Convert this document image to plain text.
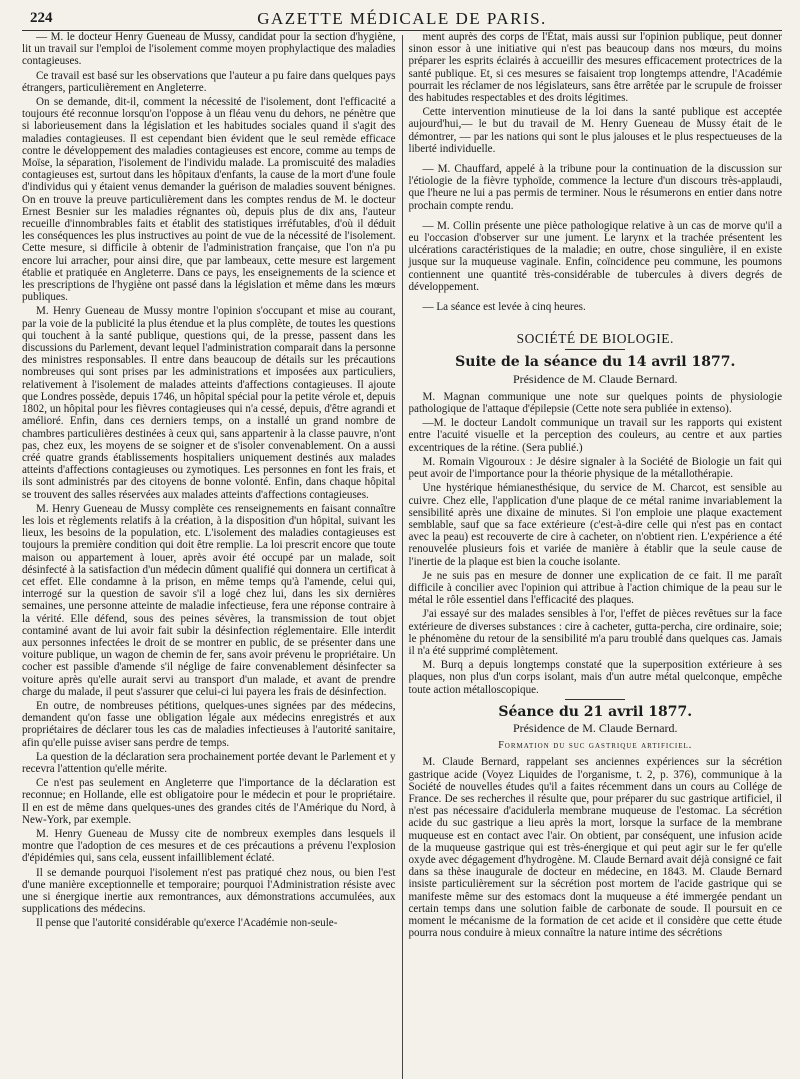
224	GAZETTE MÉDICALE DE PARIS.

— M. le docteur Henry Gueneau de Mussy, candidat pour la section d'hygiène, lit un travail sur l'emploi de l'isolement comme moyen prophylactique des maladies contagieuses.

Ce travail est basé sur les observations que l'auteur a pu faire dans quelques pays étrangers, particulièrement en Angleterre.

On se demande, dit-il, comment la nécessité de l'isolement, dont l'efficacité a toujours été reconnue lorsqu'on l'oppose à un fléau venu du dehors, ne pénètre que si laborieusement dans la législation et les habitudes sociales quand il s'agit des maladies contagieuses. Il est cependant bien évident que le seul remède efficace contre le développement des maladies contagieuses est encore, comme au temps de Moïse, la séparation, l'isolement de l'individu malade. La promiscuité des maladies contagieuses est, surtout dans les hôpitaux d'enfants, la cause de la mort d'une foule d'individus qui y étaient venus demander la guérison de maladies souvent bénignes. On en trouve la preuve particulièrement dans les comptes rendus de M. le docteur Ernest Besnier sur les maladies régnantes où, depuis plus de dix ans, l'auteur recueille d'innombrables faits et établit des statistiques irréfutables, d'où il déduit les conséquences les plus instructives au point de vue de la nécessité de l'isolement. Cette mesure, si difficile à obtenir de l'administration française, que l'on n'a pu encore lui arracher, pour ainsi dire, que par lambeaux, cette mesure est largement établie et pratiquée en Angleterre. Dans ce pays, les enseignements de la science et les prescriptions de l'hygiène ont passé dans la législation et même dans les mœurs publiques.

M. Henry Gueneau de Mussy montre l'opinion s'occupant et mise au courant, par la voie de la publicité la plus étendue et la plus complète, de toutes les questions qui touchent à la santé publique, questions qui, de la presse, passent dans les discussions du Parlement, devant lequel l'administration comparait dans la personne des ministres responsables. Il entre dans beaucoup de détails sur les précautions nombreuses qui sont prises par les administrations et imposées aux particuliers, relativement à l'isolement de malades atteints d'affections contagieuses. Il ajoute que Londres possède, depuis 1746, un hôpital spécial pour la petite vérole et, depuis 1802, un hôpital pour les fièvres contagieuses qui n'a cessé, depuis, d'être agrandi et amélioré. Enfin, dans ces derniers temps, on a installé un grand nombre de chambres particulières destinées à ceux qui, sans appartenir à la classe pauvre, n'ont pas, chez eux, les moyens de se soigner et de s'isoler convenablement. On a aussi créé quatre grands établissements hospitaliers uniquement destinés aux malades atteints d'affections contagieuses ou zymotiques. Les personnes en font les frais, et ils sont administrés par des citoyens de bonne volonté. Enfin, dans chaque hôpital se trouvent des salles réservées aux malades atteints d'affections contagieuses.

M. Henry Gueneau de Mussy complète ces renseignements en faisant connaître les lois et règlements relatifs à la création, à la disposition d'un hôpital, suivant les lieux, les besoins de la population, etc. L'isolement des maladies contagieuses est toujours la première condition qui doit être remplie. La loi prescrit encore que toute maison ou appartement à louer, après avoir été occupé par un malade, soit désinfecté à la satisfaction d'un médecin dûment qualifié qui donnera un certificat à cet effet. Elle condamne à la prison, en même temps qu'à l'amende, celui qui, interrogé sur la question de savoir s'il a logé chez lui, dans les six dernières semaines, une personne atteinte de maladie infectieuse, fera une réponse contraire à la vérité. Elle défend, sous des peines sévères, la transmission de tout objet contaminé avant de lui avoir fait subir la désinfection réglementaire. Elle interdit aux personnes infectées le droit de se montrer en public, de se présenter dans une voiture publique, un wagon de chemin de fer, sans avoir prévenu le propriétaire. Un cocher est passible d'amende s'il néglige de faire convenablement désinfecter sa voiture après qu'elle aurait servi au transport d'un malade, et avant de prendre charge du malade, il peut s'assurer que celui-ci lui payera les frais de désinfection.

En outre, de nombreuses pétitions, quelques-unes signées par des médecins, demandent qu'on fasse une obligation légale aux médecins enregistrés et aux propriétaires de déclarer tous les cas de maladies infectieuses à l'autorité sanitaire, afin qu'elle puisse aviser sans perdre de temps.

La question de la déclaration sera prochainement portée devant le Parlement et y recevra l'attention qu'elle mérite.

Ce n'est pas seulement en Angleterre que l'importance de la déclaration est reconnue; en Hollande, elle est obligatoire pour le médecin et pour le propriétaire. Il en est de même dans quelques-unes des grandes cités de l'Amérique du Nord, à New-York, par exemple.

M. Henry Gueneau de Mussy cite de nombreux exemples dans lesquels il montre que l'adoption de ces mesures et de ces précautions a prévenu l'explosion d'épidémies qui, sans cela, eussent infailliblement éclaté.

Il se demande pourquoi l'isolement n'est pas pratiqué chez nous, ou bien l'est d'une manière exceptionnelle et temporaire; pourquoi l'Administration résiste avec une si énergique inertie aux remontrances, aux démonstrations accumulées, aux supplications des médecins.

Il pense que l'autorité considérable qu'exerce l'Académie non-seule-

ment auprès des corps de l'État, mais aussi sur l'opinion publique, peut donner sinon essor à une initiative qui n'est pas beaucoup dans nos mœurs, du moins préparer les esprits éclairés à accueillir des mesures efficacement protectrices de la santé publique. Et, si ces mesures se faisaient trop longtemps attendre, l'Académie pourrait les réclamer de nos législateurs, sans être arrêtée par le scrupule de froisser des habitudes respectables et des droits légitimes.

Cette intervention minutieuse de la loi dans la santé publique est acceptée aujourd'hui,— le but du travail de M. Henry Gueneau de Mussy était de le démontrer, — par les nations qui sont le plus jalouses et le plus respectueuses de la liberté individuelle.

— M. Chauffard, appelé à la tribune pour la continuation de la discussion sur l'étiologie de la fièvre typhoïde, commence la lecture d'un discours très-applaudi, que l'heure ne lui a pas permis de terminer. Nous le résumerons en entier dans notre prochain compte rendu.

— M. Collin présente une pièce pathologique relative à un cas de morve qu'il a eu l'occasion d'observer sur une jument. Le larynx et la trachée présentent les ulcérations caractéristiques de la maladie; en outre, chose singulière, il en existe jusque sur la muqueuse vaginale. Enfin, coïncidence peu commune, les poumons contiennent une quantité très-considérable de tubercules à divers degrés de développement.

— La séance est levée à cinq heures.

SOCIÉTÉ DE BIOLOGIE.
Suite de la séance du 14 avril 1877.
Présidence de M. Claude Bernard.

M. Magnan communique une note sur quelques points de physiologie pathologique de l'attaque d'épilepsie (Cette note sera publiée in extenso).

—M. le docteur Landolt communique un travail sur les rapports qui existent entre l'acuité visuelle et la perception des couleurs, au centre et aux parties excentriques de la rétine. (Sera publié.)

M. Romain Vigouroux : Je désire signaler à la Société de Biologie un fait qui peut avoir de l'importance pour la théorie physique de la métallothérapie.

Une hystérique hémianesthésique, du service de M. Charcot, est sensible au cuivre. Chez elle, l'application d'une plaque de ce métal ranime invariablement la sensibilité après une dixaine de minutes. Si l'on emploie une plaque exactement semblable, sauf que sa face extérieure (c'est-à-dire celle qui n'est pas en contact avec la peau) est recouverte de cire à cacheter, on n'obtient rien. L'expérience a été renouvelée plusieurs fois et variée de manière à établir que la seule cause de l'inertie de la plaque est bien la couche isolante.

Je ne suis pas en mesure de donner une explication de ce fait. Il me paraît difficile à concilier avec l'opinion qui attribue à l'action chimique de la peau sur le métal le rôle essentiel dans l'efficacité des plaques.

J'ai essayé sur des malades sensibles à l'or, l'effet de pièces revêtues sur la face extérieure de diverses substances : cire à cacheter, gutta-percha, cire ordinaire, soie; le phénomène du retour de la sensibilité m'a paru troublé dans quelques cas. Jamais il n'a été supprimé complètement.

M. Burq a depuis longtemps constaté que la superposition extérieure à ses plaques, non plus d'un corps isolant, mais d'un autre métal quelconque, empêche toute action métalloscopique.

Séance du 21 avril 1877.
Présidence de M. Claude Bernard.
Formation du suc gastrique artificiel.

M. Claude Bernard, rappelant ses anciennes expériences sur la sécrétion gastrique acide (Voyez Liquides de l'organisme, t. 2, p. 376), communique à la Société de nouvelles études qu'il a faites récemment dans un cours au Collége de France. De ses recherches il résulte que, pour préparer du suc gastrique artificiel, il n'est pas nécessaire d'acidulerla membrane muqueuse de l'estomac. La sécrétion acide du suc gastrique a lieu après la mort, lorsque la surface de la membrane muqueuse est en contact avec l'air. On obtient, par conséquent, une infusion acide de la muqueuse gastrique qui est très-énergique et qui peut agir sur le fer qu'elle oxyde avec dégagement d'hydrogène. M. Claude Bernard avait déjà consigné ce fait dans sa thèse inaugurale de docteur en médecine, en 1843. M. Claude Bernard insiste particulièrement sur la sécrétion post mortem de l'acide gastrique qui se manifeste même sur des estomacs dont la muqueuse a été immergée pendant un certain temps dans une solution faible de carbonate de soude. Il poursuit en ce moment le mécanisme de la formation de cet acide et il considère que cette étude pourra nous conduire à mieux connaître la nature intime des sécrétions
